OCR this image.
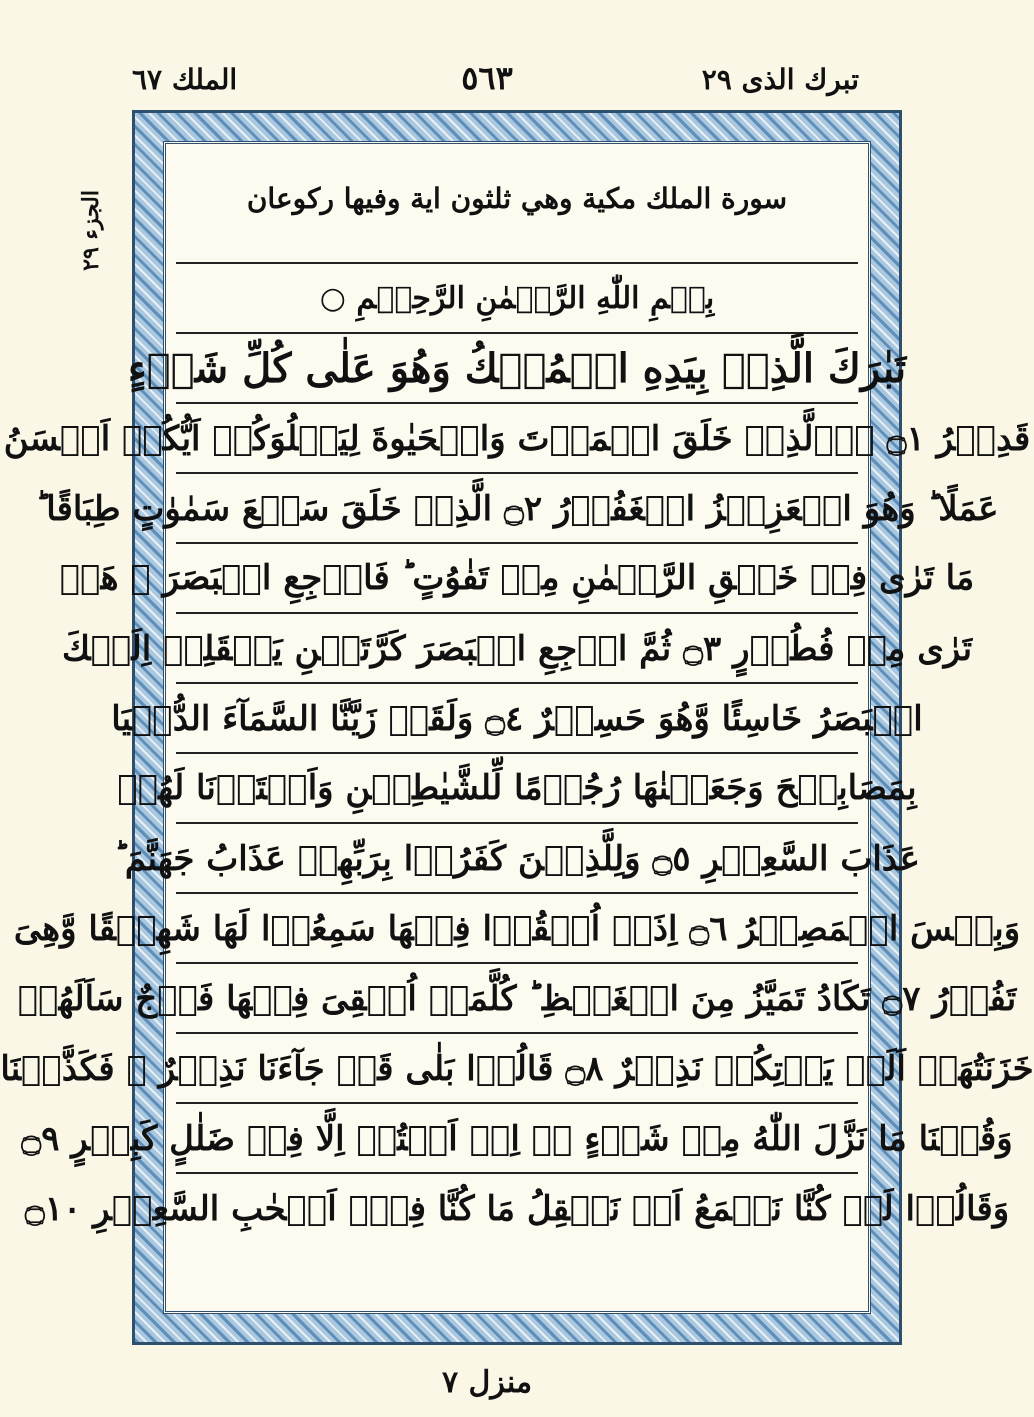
تبرك الذى ٢٩
٥٦٣
الملك ٦٧
الجزء ٢٩	سورة الملك مكية وهي ثلثون اية وفيها ركوعان
بِسۡمِ اللّٰهِ الرَّحۡمٰنِ الرَّحِيۡمِ ○
تَبٰرَكَ الَّذِىۡ بِيَدِهِ الۡمُلۡكُ وَهُوَ عَلٰى كُلِّ شَىۡءٍ
قَدِيۡرُ ۝١ اِۨلَّذِىۡ خَلَقَ الۡمَوۡتَ وَالۡحَيٰوةَ لِيَبۡلُوَكُمۡ اَيُّكُمۡ اَحۡسَنُ
عَمَلًا ؕ وَهُوَ الۡعَزِيۡزُ الۡغَفُوۡرُ ۝٢ الَّذِىۡ خَلَقَ سَبۡعَ سَمٰوٰتٍ طِبَاقًا ؕ
مَا تَرٰى فِىۡ خَلۡقِ الرَّحۡمٰنِ مِنۡ تَفٰوُتٍ ؕ فَارۡجِعِ الۡبَصَرَ ۙ هَلۡ
تَرٰى مِنۡ فُطُوۡرٍ ۝٣ ثُمَّ ارۡجِعِ الۡبَصَرَ كَرَّتَيۡنِ يَنۡقَلِبۡ اِلَيۡكَ
الۡبَصَرُ خَاسِئًا وَّهُوَ حَسِيۡرٌ ۝٤ وَلَقَدۡ زَيَّنَّا السَّمَآءَ الدُّنۡيَا
بِمَصَابِيۡحَ وَجَعَلۡنٰهَا رُجُوۡمًا لِّلشَّيٰطِيۡنِ وَاَعۡتَدۡنَا لَهُمۡ
عَذَابَ السَّعِيۡرِ ۝٥ وَلِلَّذِيۡنَ كَفَرُوۡا بِرَبِّهِمۡ عَذَابُ جَهَنَّمَ ؕ
وَبِئۡسَ الۡمَصِيۡرُ ۝٦ اِذَاۤ اُلۡقُوۡا فِيۡهَا سَمِعُوۡا لَهَا شَهِيۡقًا وَّهِىَ
تَفُوۡرُ ۝٧ تَكَادُ تَمَيَّزُ مِنَ الۡغَيۡظِ ؕ كُلَّمَاۤ اُلۡقِىَ فِيۡهَا فَوۡجٌ سَاَلَهُمۡ
خَزَنَتُهَاۤ اَلَمۡ يَاۡتِكُمۡ نَذِيۡرٌ ۝٨ قَالُوۡا بَلٰى قَدۡ جَآءَنَا نَذِيۡرٌ ۙ فَكَذَّبۡنَا
وَقُلۡنَا مَا نَزَّلَ اللّٰهُ مِنۡ شَىۡءٍ ۖۚ اِنۡ اَنۡتُمۡ اِلَّا فِىۡ ضَلٰلٍ كَبِيۡرٍ ۝٩
وَقَالُوۡا لَوۡ كُنَّا نَسۡمَعُ اَوۡ نَعۡقِلُ مَا كُنَّا فِىۡۤ اَصۡحٰبِ السَّعِيۡرِ ۝١٠
منزل ٧
